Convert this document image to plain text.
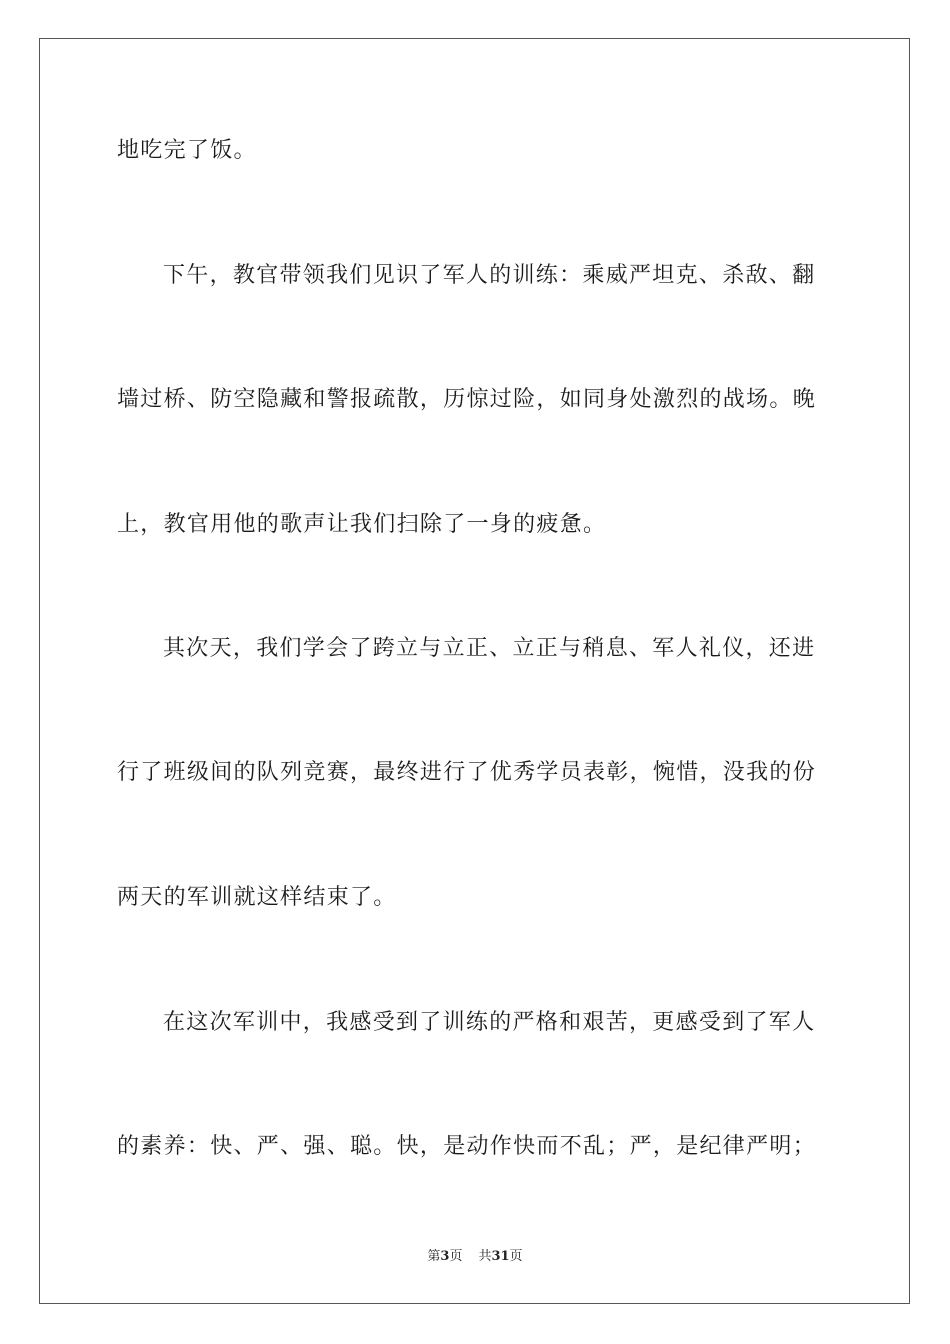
地吃完了饭。
下午，教官带领我们见识了军人的训练：乘威严坦克、杀敌、翻
墙过桥、防空隐藏和警报疏散，历惊过险，如同身处激烈的战场。晚
上，教官用他的歌声让我们扫除了一身的疲惫。
其次天，我们学会了跨立与立正、立正与稍息、军人礼仪，还进
行了班级间的队列竞赛，最终进行了优秀学员表彰，惋惜，没我的份
两天的军训就这样结束了。
在这次军训中，我感受到了训练的严格和艰苦，更感受到了军人
的素养：快、严、强、聪。快，是动作快而不乱；严，是纪律严明；
第3页 共31页
